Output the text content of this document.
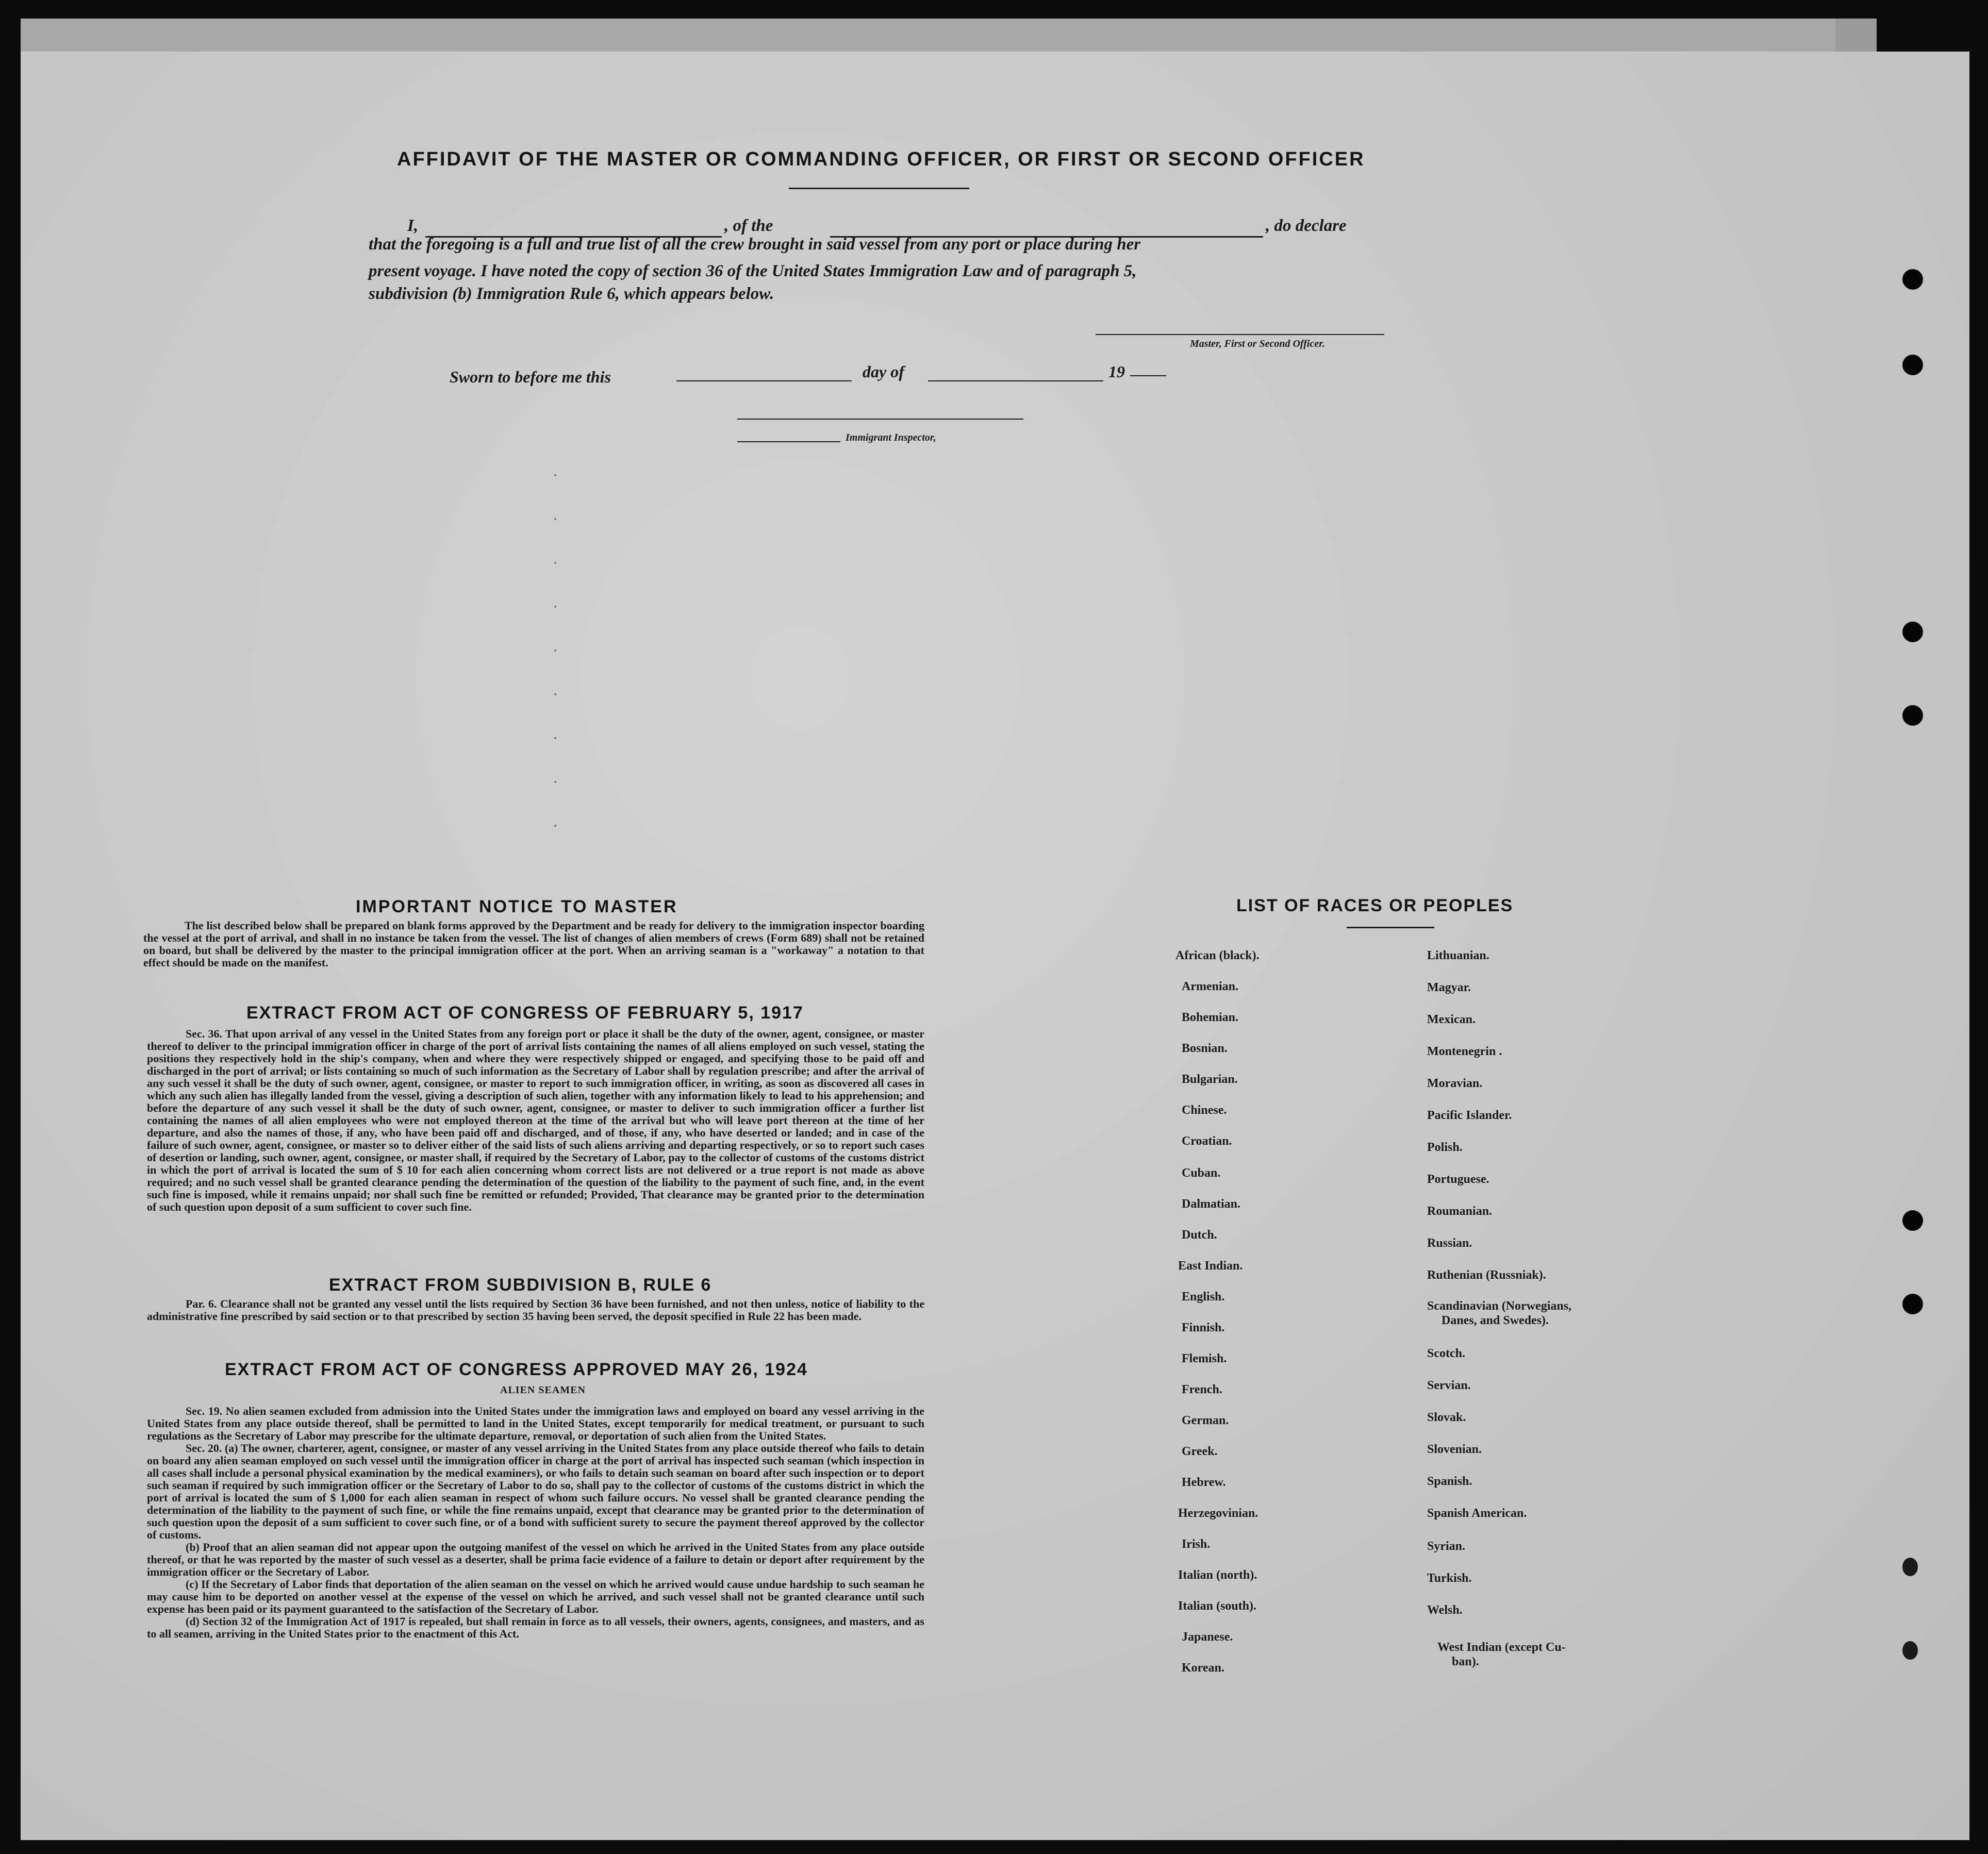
AFFIDAVIT OF THE MASTER OR COMMANDING OFFICER, OR FIRST OR SECOND OFFICER
I,	, of the	, do declare
that the foregoing is a full and true list of all the crew brought in said vessel from any port or place during her
present voyage. I have noted the copy of section 36 of the United States Immigration Law and of paragraph 5,
subdivision (b) Immigration Rule 6, which appears below.
Master, First or Second Officer.
Sworn to before me this	day of	19
Immigrant Inspector,
IMPORTANT NOTICE TO MASTER
The list described below shall be prepared on blank forms approved by the Department and be ready for delivery to the immigration inspector boarding the vessel at the port of arrival, and shall in no instance be taken from the vessel. The list of changes of alien members of crews (Form 689) shall not be retained on board, but shall be delivered by the master to the principal immigration officer at the port. When an arriving seaman is a "workaway" a notation to that effect should be made on the manifest.
EXTRACT FROM ACT OF CONGRESS OF FEBRUARY 5, 1917
Sec. 36. That upon arrival of any vessel in the United States from any foreign port or place it shall be the duty of the owner, agent, consignee, or master thereof to deliver to the principal immigration officer in charge of the port of arrival lists containing the names of all aliens employed on such vessel, stating the positions they respectively hold in the ship's company, when and where they were respectively shipped or engaged, and specifying those to be paid off and discharged in the port of arrival; or lists containing so much of such information as the Secretary of Labor shall by regulation prescribe; and after the arrival of any such vessel it shall be the duty of such owner, agent, consignee, or master to report to such immigration officer, in writing, as soon as discovered all cases in which any such alien has illegally landed from the vessel, giving a description of such alien, together with any information likely to lead to his apprehension; and before the departure of any such vessel it shall be the duty of such owner, agent, consignee, or master to deliver to such immigration officer a further list containing the names of all alien employees who were not employed thereon at the time of the arrival but who will leave port thereon at the time of her departure, and also the names of those, if any, who have been paid off and discharged, and of those, if any, who have deserted or landed; and in case of the failure of such owner, agent, consignee, or master so to deliver either of the said lists of such aliens arriving and departing respectively, or so to report such cases of desertion or landing, such owner, agent, consignee, or master shall, if required by the Secretary of Labor, pay to the collector of customs of the customs district in which the port of arrival is located the sum of $ 10 for each alien concerning whom correct lists are not delivered or a true report is not made as above required; and no such vessel shall be granted clearance pending the determination of the question of the liability to the payment of such fine, and, in the event such fine is imposed, while it remains unpaid; nor shall such fine be remitted or refunded; Provided, That clearance may be granted prior to the determination of such question upon deposit of a sum sufficient to cover such fine.
EXTRACT FROM SUBDIVISION B, RULE 6
Par. 6. Clearance shall not be granted any vessel until the lists required by Section 36 have been furnished, and not then unless, notice of liability to the administrative fine prescribed by said section or to that prescribed by section 35 having been served, the deposit specified in Rule 22 has been made.
EXTRACT FROM ACT OF CONGRESS APPROVED MAY 26, 1924
ALIEN SEAMEN
Sec. 19. No alien seamen excluded from admission into the United States under the immigration laws and employed on board any vessel arriving in the United States from any place outside thereof, shall be permitted to land in the United States, except temporarily for medical treatment, or pursuant to such regulations as the Secretary of Labor may prescribe for the ultimate departure, removal, or deportation of such alien from the United States.
Sec. 20. (a) The owner, charterer, agent, consignee, or master of any vessel arriving in the United States from any place outside thereof who fails to detain on board any alien seaman employed on such vessel until the immigration officer in charge at the port of arrival has inspected such seaman (which inspection in all cases shall include a personal physical examination by the medical examiners), or who fails to detain such seaman on board after such inspection or to deport such seaman if required by such immigration officer or the Secretary of Labor to do so, shall pay to the collector of customs of the customs district in which the port of arrival is located the sum of $ 1,000 for each alien seaman in respect of whom such failure occurs. No vessel shall be granted clearance pending the determination of the liability to the payment of such fine, or while the fine remains unpaid, except that clearance may be granted prior to the determination of such question upon the deposit of a sum sufficient to cover such fine, or of a bond with sufficient surety to secure the payment thereof approved by the collector of customs.
(b) Proof that an alien seaman did not appear upon the outgoing manifest of the vessel on which he arrived in the United States from any place outside thereof, or that he was reported by the master of such vessel as a deserter, shall be prima facie evidence of a failure to detain or deport after requirement by the immigration officer or the Secretary of Labor.
(c) If the Secretary of Labor finds that deportation of the alien seaman on the vessel on which he arrived would cause undue hardship to such seaman he may cause him to be deported on another vessel at the expense of the vessel on which he arrived, and such vessel shall not be granted clearance until such expense has been paid or its payment guaranteed to the satisfaction of the Secretary of Labor.
(d) Section 32 of the Immigration Act of 1917 is repealed, but shall remain in force as to all vessels, their owners, agents, consignees, and masters, and as to all seamen, arriving in the United States prior to the enactment of this Act.
LIST OF RACES OR PEOPLES
African (black).
Armenian.
Bohemian.
Bosnian.
Bulgarian.
Chinese.
Croatian.
Cuban.
Dalmatian.
Dutch.
East Indian.
English.
Finnish.
Flemish.
French.
German.
Greek.
Hebrew.
Herzegovinian.
Irish.
Italian (north).
Italian (south).
Japanese.
Korean.
Lithuanian.
Magyar.
Mexican.
Montenegrin .
Moravian.
Pacific Islander.
Polish.
Portuguese.
Roumanian.
Russian.
Ruthenian (Russniak).
Scandinavian (Norwegians,
Danes, and Swedes).
Scotch.
Servian.
Slovak.
Slovenian.
Spanish.
Spanish American.
Syrian.
Turkish.
Welsh.
West Indian (except Cu-
ban).
